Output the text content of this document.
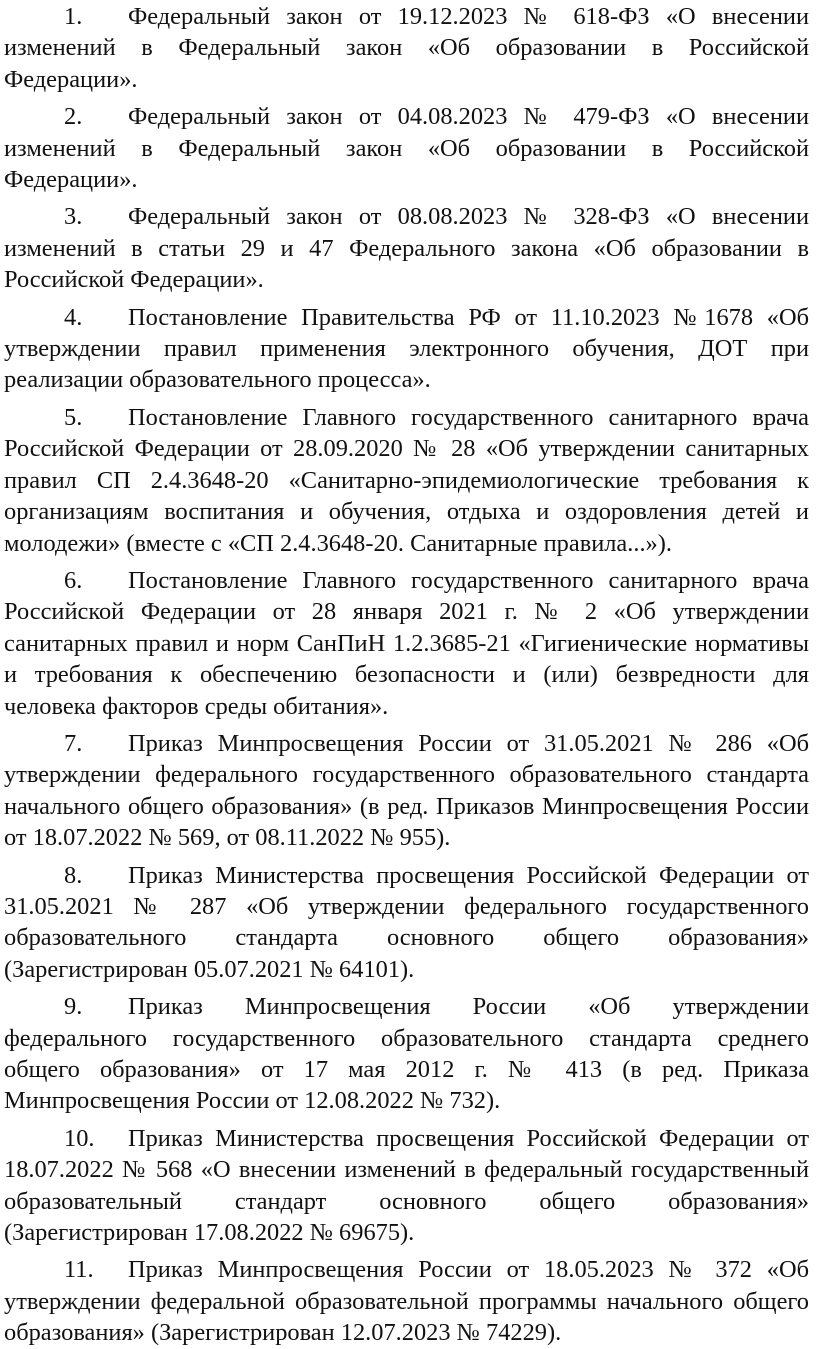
1. Федеральный закон от 19.12.2023 № 618-ФЗ «О внесении изменений в Федеральный закон «Об образовании в Российской Федерации».

2. Федеральный закон от 04.08.2023 № 479-ФЗ «О внесении изменений в Федеральный закон «Об образовании в Российской Федерации».

3. Федеральный закон от 08.08.2023 № 328-ФЗ «О внесении изменений в статьи 29 и 47 Федерального закона «Об образовании в Российской Федерации».

4. Постановление Правительства РФ от 11.10.2023 №1678 «Об утверждении правил применения электронного обучения, ДОТ при реализации образовательного процесса».

5. Постановление Главного государственного санитарного врача Российской Федерации от 28.09.2020 № 28 «Об утверждении санитарных правил СП 2.4.3648-20 «Санитарно-эпидемиологические требования к организациям воспитания и обучения, отдыха и оздоровления детей и молодежи» (вместе с «СП 2.4.3648-20. Санитарные правила...»).

6. Постановление Главного государственного санитарного врача Российской Федерации от 28 января 2021 г. № 2 «Об утверждении санитарных правил и норм СанПиН 1.2.3685-21 «Гигиенические нормативы и требования к обеспечению безопасности и (или) безвредности для человека факторов среды обитания».

7. Приказ Минпросвещения России от 31.05.2021 № 286 «Об утверждении федерального государственного образовательного стандарта начального общего образования» (в ред. Приказов Минпросвещения России от 18.07.2022 № 569, от 08.11.2022 № 955).

8. Приказ Министерства просвещения Российской Федерации от 31.05.2021 № 287 «Об утверждении федерального государственного образовательного стандарта основного общего образования» (Зарегистрирован 05.07.2021 № 64101).

9. Приказ Минпросвещения России «Об утверждении федерального государственного образовательного стандарта среднего общего образования» от 17 мая 2012 г. № 413 (в ред. Приказа Минпросвещения России от 12.08.2022 № 732).

10. Приказ Министерства просвещения Российской Федерации от 18.07.2022 № 568 «О внесении изменений в федеральный государственный образовательный стандарт основного общего образования» (Зарегистрирован 17.08.2022 № 69675).

11. Приказ Минпросвещения России от 18.05.2023 № 372 «Об утверждении федеральной образовательной программы начального общего образования» (Зарегистрирован 12.07.2023 № 74229).
